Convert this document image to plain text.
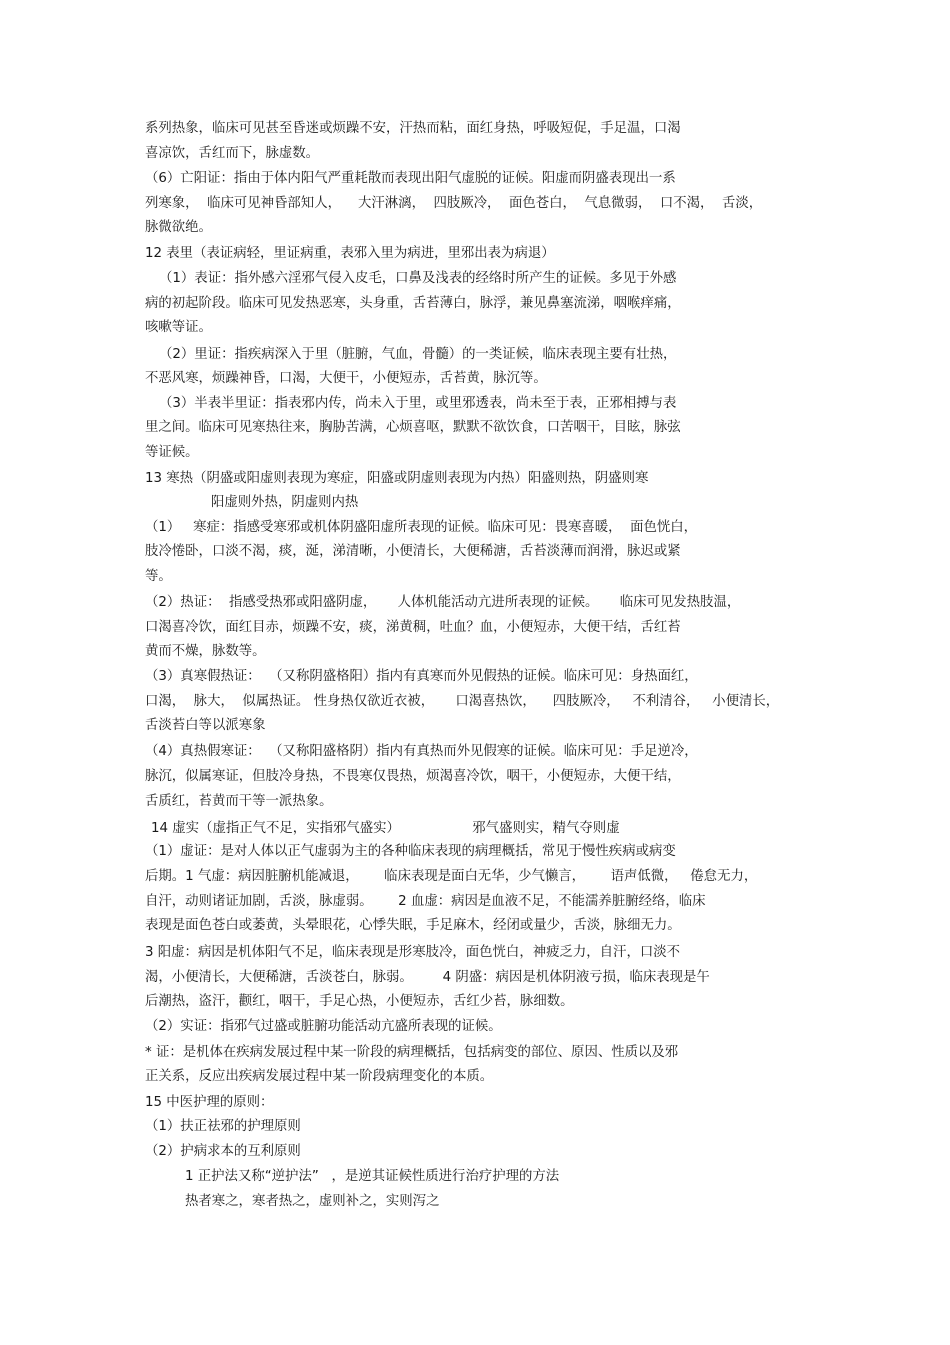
系列热象，临床可见甚至昏迷或烦躁不安，汗热而粘，面红身热，呼吸短促，手足温，口渴
喜凉饮，舌红而下，脉虚数。
（6）亡阳证：指由于体内阳气严重耗散而表现出阳气虚脱的证候。阳虚而阴盛表现出一系
列寒象，  临床可见神昏部知人，    大汗淋漓，  四肢厥冷，  面色苍白，  气息微弱，  口不渴，  舌淡，
脉微欲绝。
12 表里（表证病轻，里证病重，表邪入里为病进，里邪出表为病退）
（1）表证：指外感六淫邪气侵入皮毛，口鼻及浅表的经络时所产生的证候。多见于外感
病的初起阶段。临床可见发热恶寒，头身重，舌苔薄白，脉浮，兼见鼻塞流涕，咽喉痒痛，
咳嗽等证。
（2）里证：指疾病深入于里（脏腑，气血，骨髓）的一类证候，临床表现主要有壮热，
不恶风寒，烦躁神昏，口渴，大便干，小便短赤，舌苔黄，脉沉等。
（3）半表半里证：指表邪内传，尚未入于里，或里邪透表，尚未至于表，正邪相搏与表
里之间。临床可见寒热往来，胸胁苦满，心烦喜呕，默默不欲饮食，口苦咽干，目眩，脉弦
等证候。
13 寒热（阴盛或阳虚则表现为寒症，阳盛或阴虚则表现为内热）阳盛则热，阴盛则寒
阳虚则外热，阴虚则内热
（1）   寒症：指感受寒邪或机体阴盛阳虚所表现的证候。临床可见：畏寒喜暖，  面色恍白，
肢冷惓卧，口淡不渴，痰，涎，涕清晰，小便清长，大便稀溏，舌苔淡薄而润滑，脉迟或紧
等。
（2）热证：  指感受热邪或阳盛阴虚，     人体机能活动亢进所表现的证候。     临床可见发热肢温，
口渴喜冷饮，面红目赤，烦躁不安，痰，涕黄稠，吐血？血，小便短赤，大便干结，舌红苔
黄而不燥，脉数等。
（3）真寒假热证：  （又称阴盛格阳）指内有真寒而外见假热的证候。临床可见：身热面红，
口渴，  脉大，  似属热证。 性身热仅欲近衣被，     口渴喜热饮，    四肢厥冷，   不利清谷，   小便清长，
舌淡苔白等以派寒象
（4）真热假寒证：  （又称阳盛格阴）指内有真热而外见假寒的证候。临床可见：手足逆冷，
脉沉，似属寒证，但肢冷身热，不畏寒仅畏热，烦渴喜冷饮，咽干，小便短赤，大便干结，
舌质红，苔黄而干等一派热象。
14 虚实（虚指正气不足，实指邪气盛实）                 邪气盛则实，精气夺则虚
（1）虚证：是对人体以正气虚弱为主的各种临床表现的病理概括，常见于慢性疾病或病变
后期。1 气虚：病因脏腑机能减退，      临床表现是面白无华，少气懒言，      语声低微，   倦怠无力，
自汗，动则诸证加剧，舌淡，脉虚弱。      2 血虚：病因是血液不足，不能濡养脏腑经络，临床
表现是面色苍白或萎黄，头晕眼花，心悸失眠，手足麻木，经闭或量少，舌淡，脉细无力。
3 阳虚：病因是机体阳气不足，临床表现是形寒肢冷，面色恍白，神疲乏力，自汗，口淡不
渴，小便清长，大便稀溏，舌淡苍白，脉弱。       4 阴盛：病因是机体阴液亏损，临床表现是午
后潮热，盗汗，颧红，咽干，手足心热，小便短赤，舌红少苔，脉细数。
（2）实证：指邪气过盛或脏腑功能活动亢盛所表现的证候。
* 证：是机体在疾病发展过程中某一阶段的病理概括，包括病变的部位、原因、性质以及邪
正关系，反应出疾病发展过程中某一阶段病理变化的本质。
15 中医护理的原则：
（1）扶正祛邪的护理原则
（2）护病求本的互利原则
1 正护法又称“逆护法”   ，是逆其证候性质进行治疗护理的方法
热者寒之，寒者热之，虚则补之，实则泻之
